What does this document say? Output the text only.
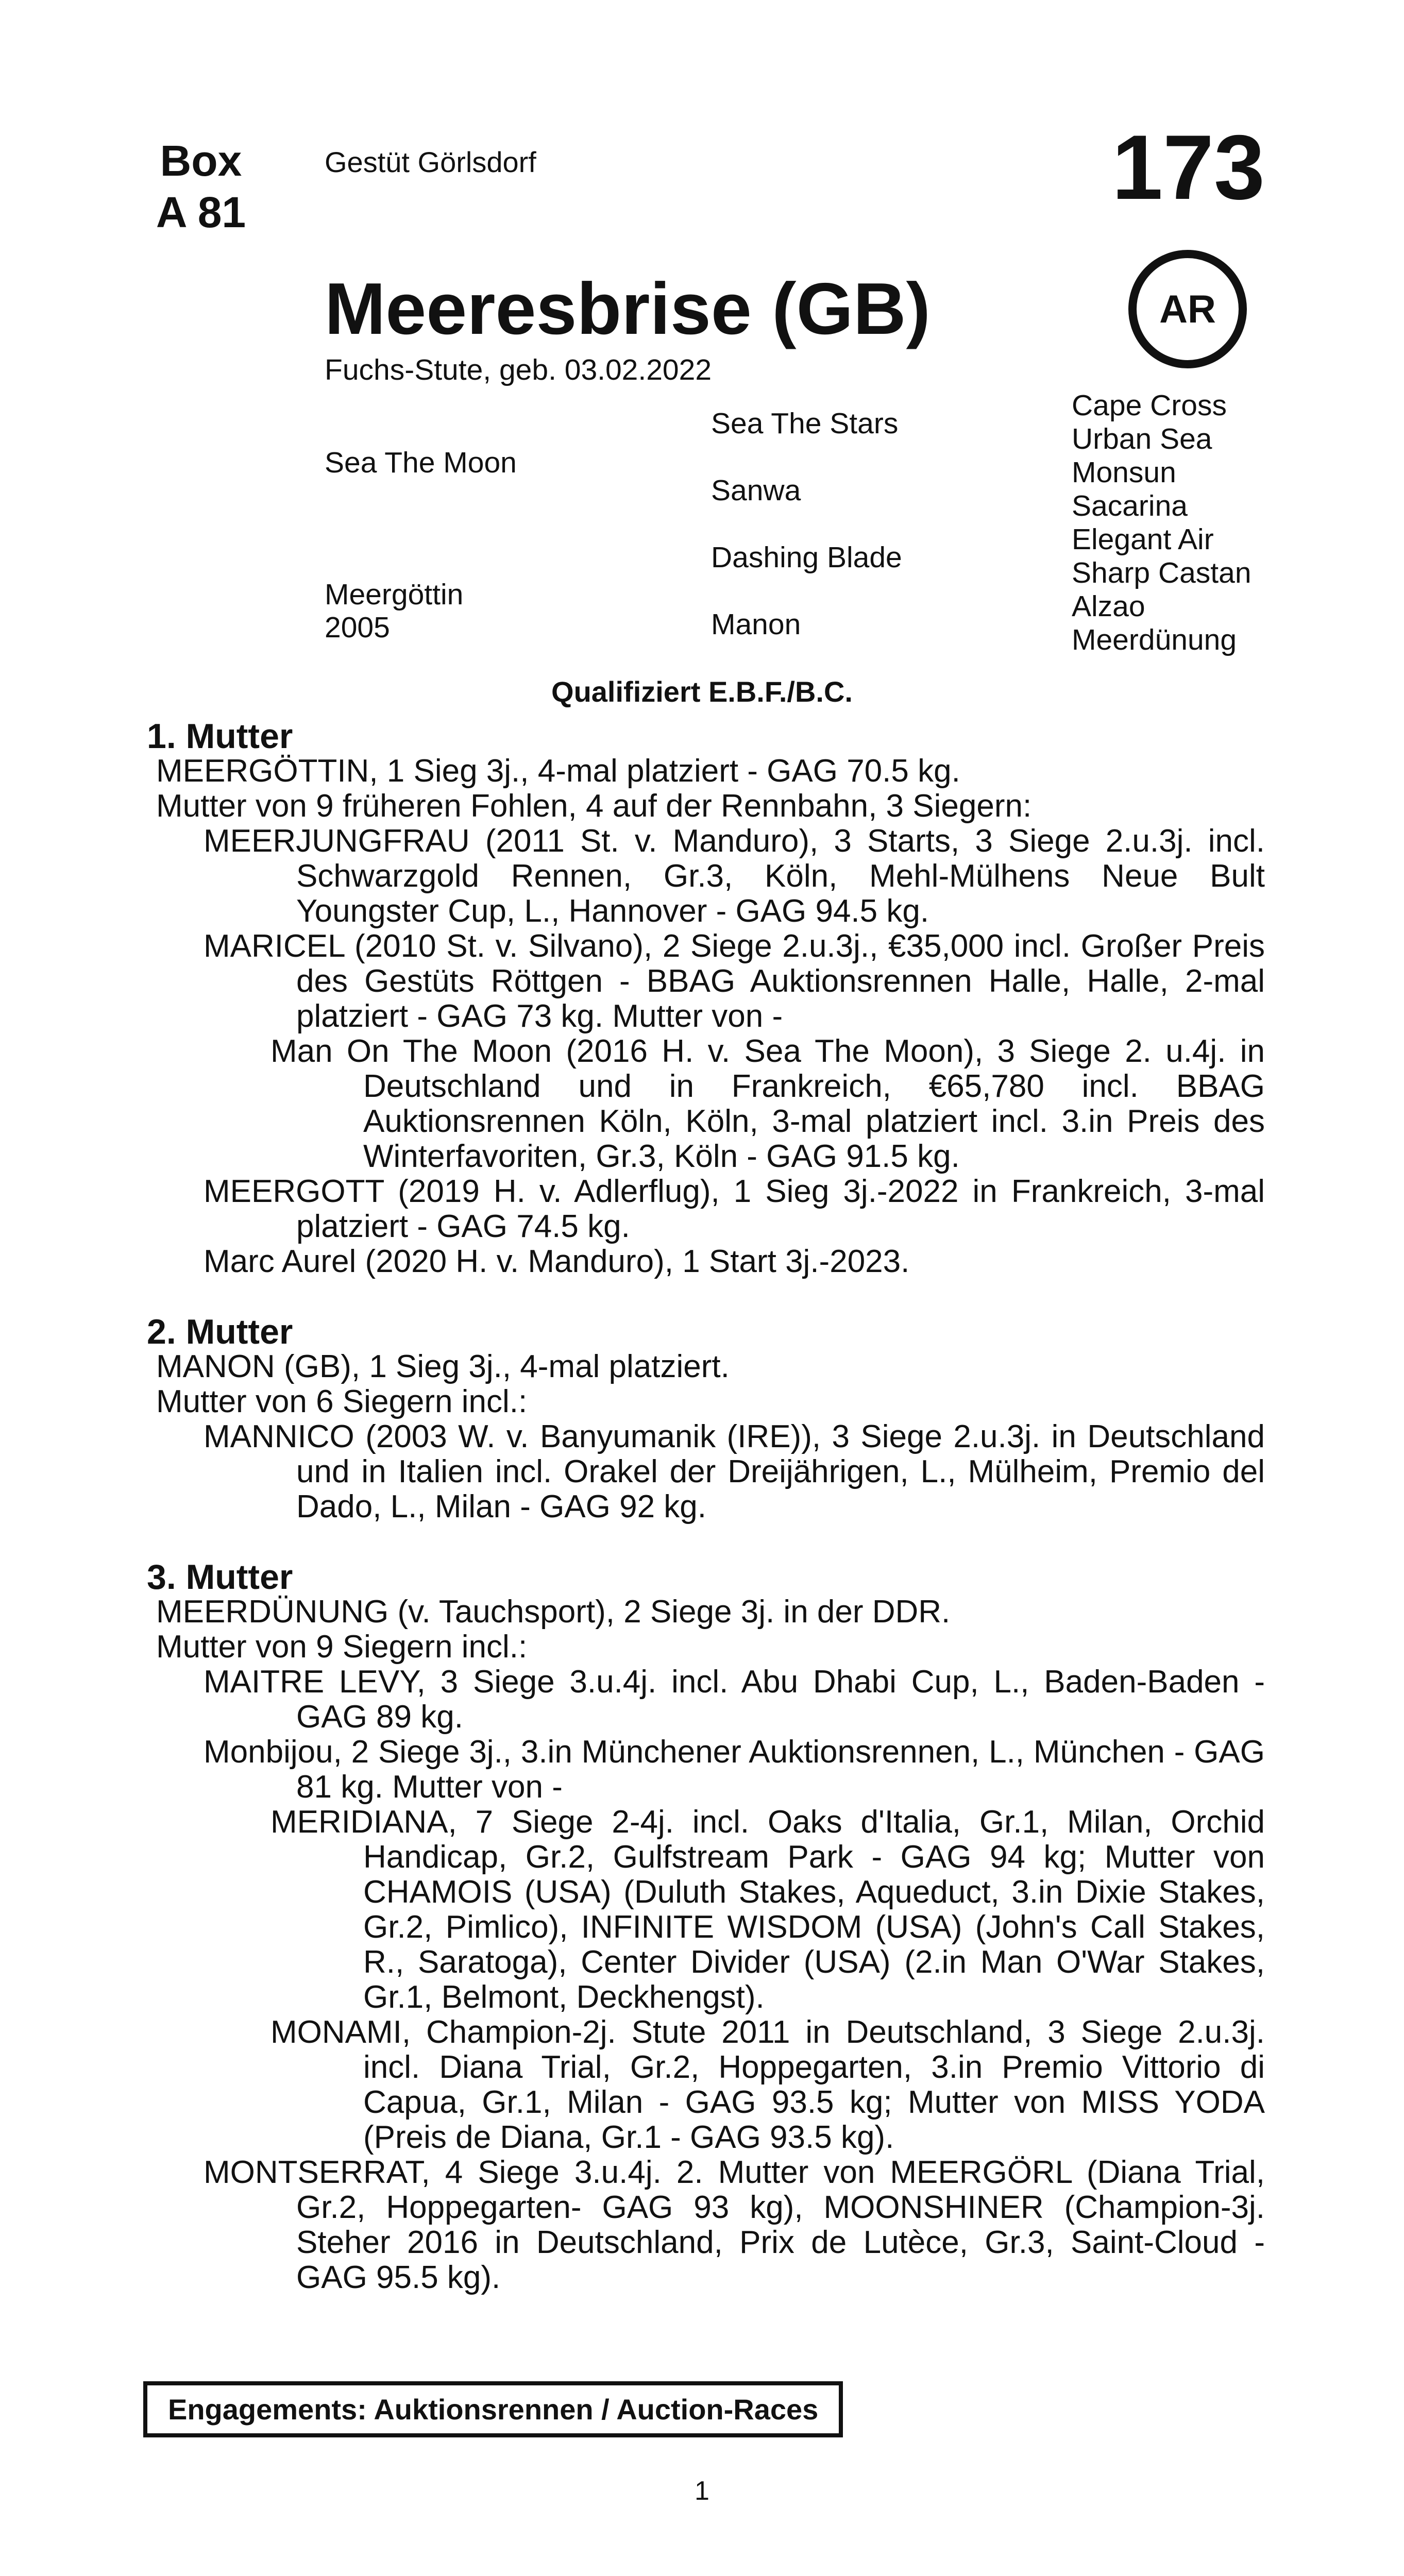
Box
A 81
Gestüt Görlsdorf	173
AR
Meeresbrise (GB)
Fuchs-Stute, geb. 03.02.2022
Sea The Moon
Meergöttin
2005
Sea The Stars
Sanwa
Dashing Blade
Manon
Cape Cross
Urban Sea
Monsun
Sacarina
Elegant Air
Sharp Castan
Alzao
Meerdünung
Qualifiziert E.B.F./B.C.
1. Mutter
MEERGÖTTIN, 1 Sieg 3j., 4-mal platziert - GAG 70.5 kg.
Mutter von 9 früheren Fohlen, 4 auf der Rennbahn, 3 Siegern:
MEERJUNGFRAU (2011 St. v. Manduro), 3 Starts, 3 Siege 2.u.3j. incl. Schwarzgold Rennen, Gr.3, Köln, Mehl-Mülhens Neue Bult Youngster Cup, L., Hannover - GAG 94.5 kg.
MARICEL (2010 St. v. Silvano), 2 Siege 2.u.3j., €35,000 incl. Großer Preis des Gestüts Röttgen - BBAG Auktionsrennen Halle, Halle, 2-mal platziert - GAG 73 kg. Mutter von -
Man On The Moon (2016 H. v. Sea The Moon), 3 Siege 2. u.4j. in Deutschland und in Frankreich, €65,780 incl. BBAG Auktionsrennen Köln, Köln, 3-mal platziert incl. 3.in Preis des Winterfavoriten, Gr.3, Köln - GAG 91.5 kg.
MEERGOTT (2019 H. v. Adlerflug), 1 Sieg 3j.-2022 in Frankreich, 3-mal platziert - GAG 74.5 kg.
Marc Aurel (2020 H. v. Manduro), 1 Start 3j.-2023.
2. Mutter
MANON (GB), 1 Sieg 3j., 4-mal platziert.
Mutter von 6 Siegern incl.:
MANNICO (2003 W. v. Banyumanik (IRE)), 3 Siege 2.u.3j. in Deutschland und in Italien incl. Orakel der Dreijährigen, L., Mülheim, Premio del Dado, L., Milan - GAG 92 kg.
3. Mutter
MEERDÜNUNG (v. Tauchsport), 2 Siege 3j. in der DDR.
Mutter von 9 Siegern incl.:
MAITRE LEVY, 3 Siege 3.u.4j. incl. Abu Dhabi Cup, L., Baden-Baden - GAG 89 kg.
Monbijou, 2 Siege 3j., 3.in Münchener Auktionsrennen, L., München - GAG 81 kg. Mutter von -
MERIDIANA, 7 Siege 2-4j. incl. Oaks d'Italia, Gr.1, Milan, Orchid Handicap, Gr.2, Gulfstream Park - GAG 94 kg; Mutter von CHAMOIS (USA) (Duluth Stakes, Aqueduct, 3.in Dixie Stakes, Gr.2, Pimlico), INFINITE WISDOM (USA) (John's Call Stakes, R., Saratoga), Center Divider (USA) (2.in Man O'War Stakes, Gr.1, Belmont, Deckhengst).
MONAMI, Champion-2j. Stute 2011 in Deutschland, 3 Siege 2.u.3j. incl. Diana Trial, Gr.2, Hoppegarten, 3.in Premio Vittorio di Capua, Gr.1, Milan - GAG 93.5 kg; Mutter von MISS YODA (Preis de Diana, Gr.1 - GAG 93.5 kg).
MONTSERRAT, 4 Siege 3.u.4j. 2. Mutter von MEERGÖRL (Diana Trial, Gr.2, Hoppegarten- GAG 93 kg), MOONSHINER (Champion-3j. Steher 2016 in Deutschland, Prix de Lutèce, Gr.3, Saint-Cloud - GAG 95.5 kg).
Engagements: Auktionsrennen / Auction-Races
1
